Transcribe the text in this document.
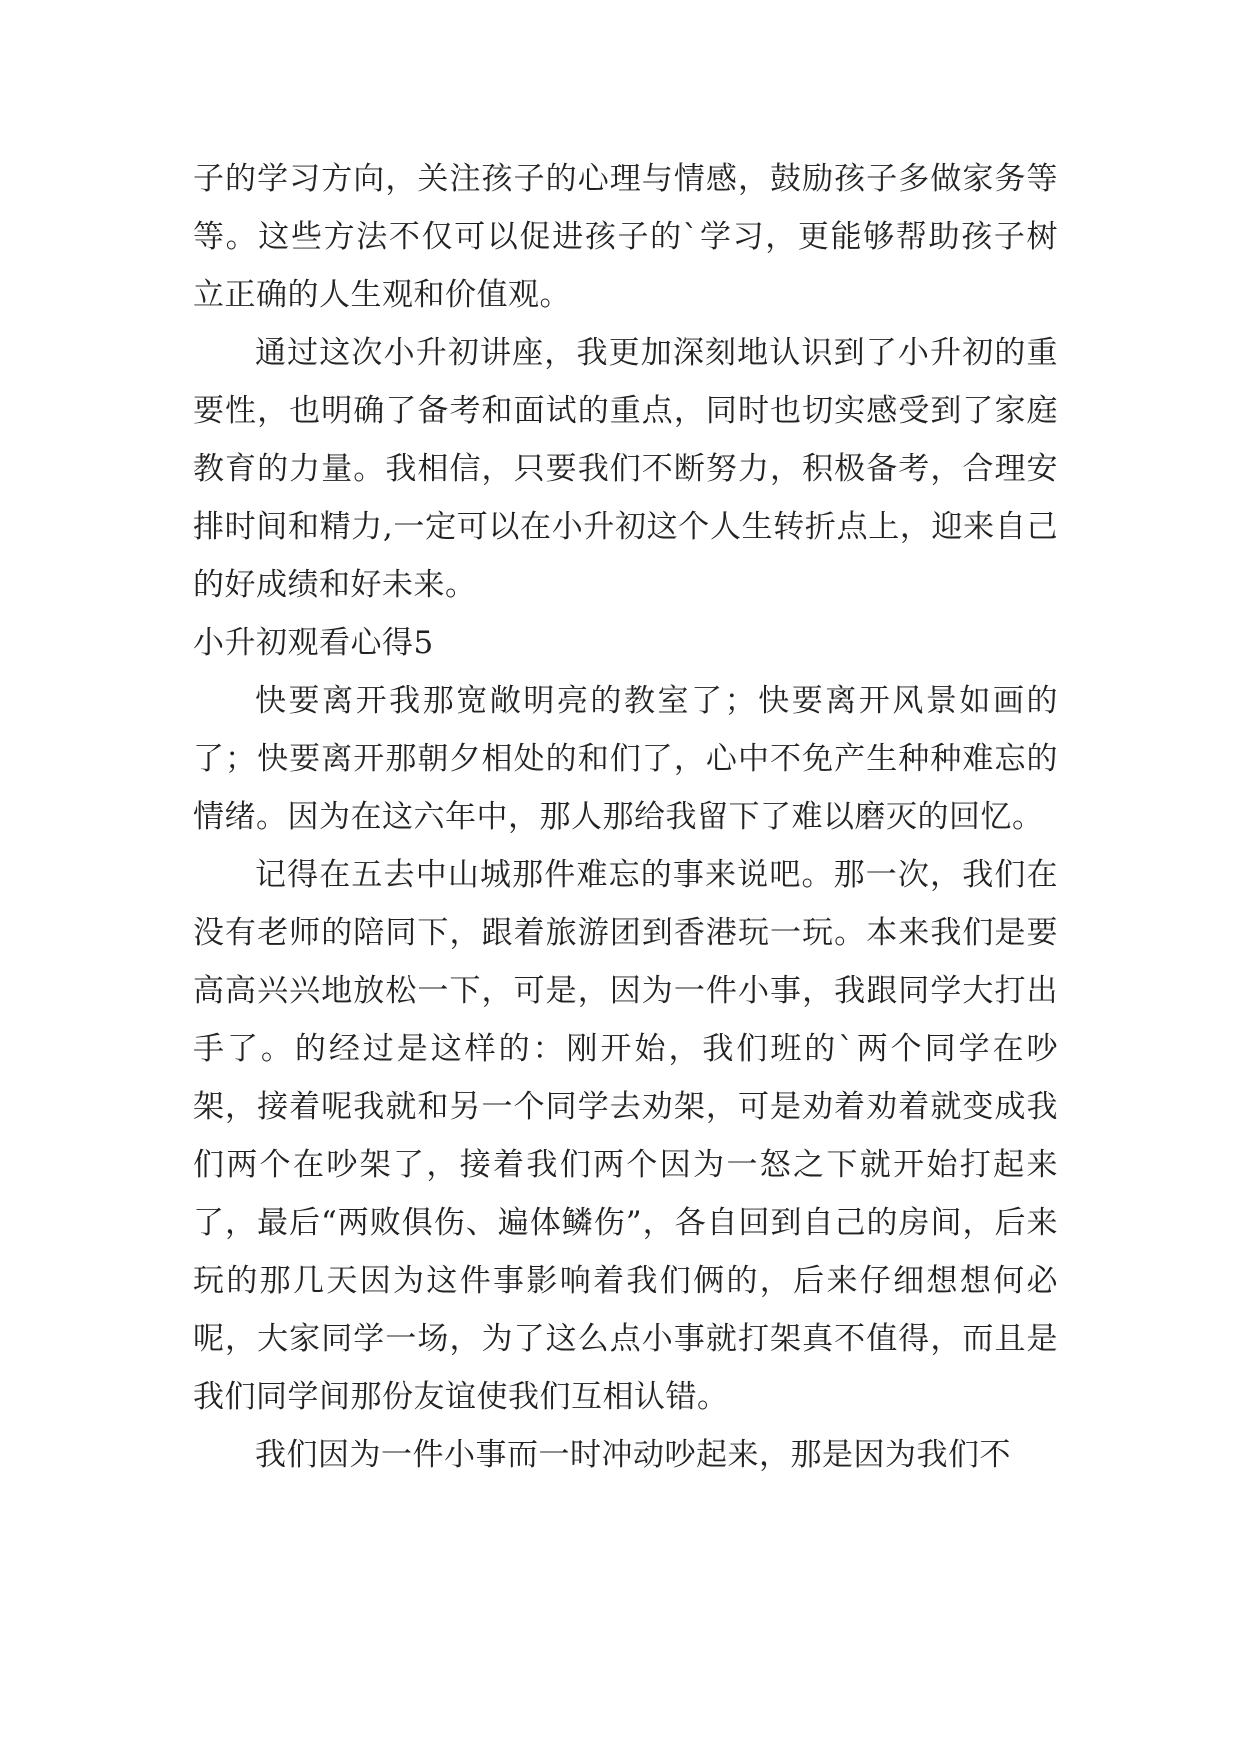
子的学习方向，关注孩子的心理与情感，鼓励孩子多做家务等等。这些方法不仅可以促进孩子的`学习，更能够帮助孩子树立正确的人生观和价值观。

通过这次小升初讲座，我更加深刻地认识到了小升初的重要性，也明确了备考和面试的重点，同时也切实感受到了家庭教育的力量。我相信，只要我们不断努力，积极备考，合理安排时间和精力,一定可以在小升初这个人生转折点上，迎来自己的好成绩和好未来。

小升初观看心得5

快要离开我那宽敞明亮的教室了；快要离开风景如画的了；快要离开那朝夕相处的和们了，心中不免产生种种难忘的情绪。因为在这六年中，那人那给我留下了难以磨灭的回忆。

记得在五去中山城那件难忘的事来说吧。那一次，我们在没有老师的陪同下，跟着旅游团到香港玩一玩。本来我们是要高高兴兴地放松一下，可是，因为一件小事，我跟同学大打出手了。的经过是这样的：刚开始，我们班的`两个同学在吵架，接着呢我就和另一个同学去劝架，可是劝着劝着就变成我们两个在吵架了，接着我们两个因为一怒之下就开始打起来了，最后“两败俱伤、遍体鳞伤”，各自回到自己的房间，后来玩的那几天因为这件事影响着我们俩的，后来仔细想想何必呢，大家同学一场，为了这么点小事就打架真不值得，而且是我们同学间那份友谊使我们互相认错。

我们因为一件小事而一时冲动吵起来，那是因为我们不
